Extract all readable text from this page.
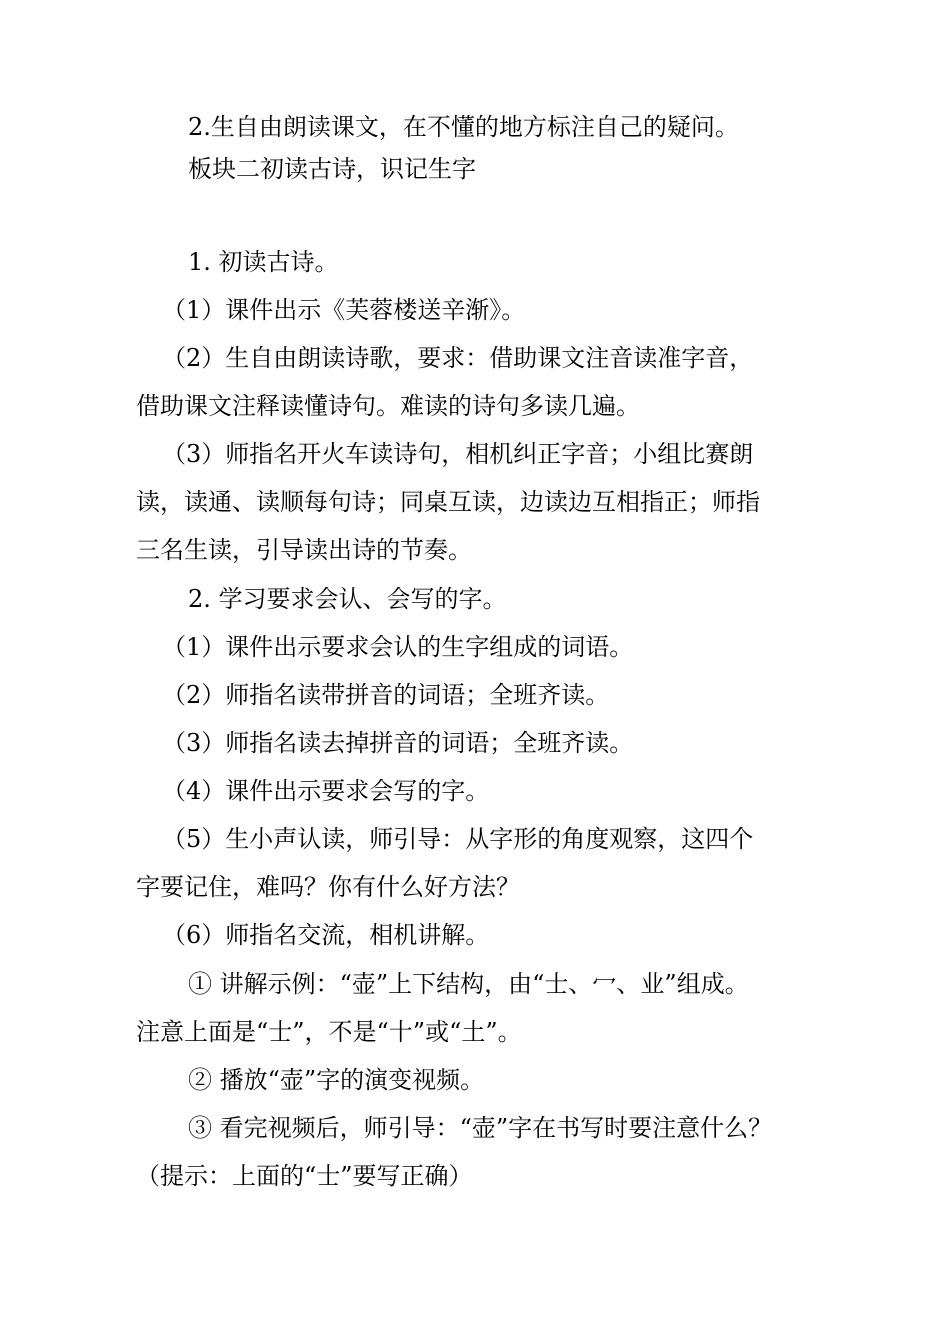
2.生自由朗读课文，在不懂的地方标注自己的疑问。

板块二初读古诗，识记生字

1. 初读古诗。

（1）课件出示《芙蓉楼送辛渐》。

（2）生自由朗读诗歌，要求：借助课文注音读准字音，

借助课文注释读懂诗句。难读的诗句多读几遍。

（3）师指名开火车读诗句，相机纠正字音；小组比赛朗

读，读通、读顺每句诗；同桌互读，边读边互相指正；师指

三名生读，引导读出诗的节奏。

2. 学习要求会认、会写的字。

（1）课件出示要求会认的生字组成的词语。

（2）师指名读带拼音的词语；全班齐读。

（3）师指名读去掉拼音的词语；全班齐读。

（4）课件出示要求会写的字。

（5）生小声认读，师引导：从字形的角度观察，这四个

字要记住，难吗？你有什么好方法？

（6）师指名交流，相机讲解。

① 讲解示例：“壶”上下结构，由“士、冖、业”组成。

注意上面是“士”，不是“十”或“土”。

② 播放“壶”字的演变视频。

③ 看完视频后，师引导：“壶”字在书写时要注意什么？

（提示：上面的“士”要写正确）
